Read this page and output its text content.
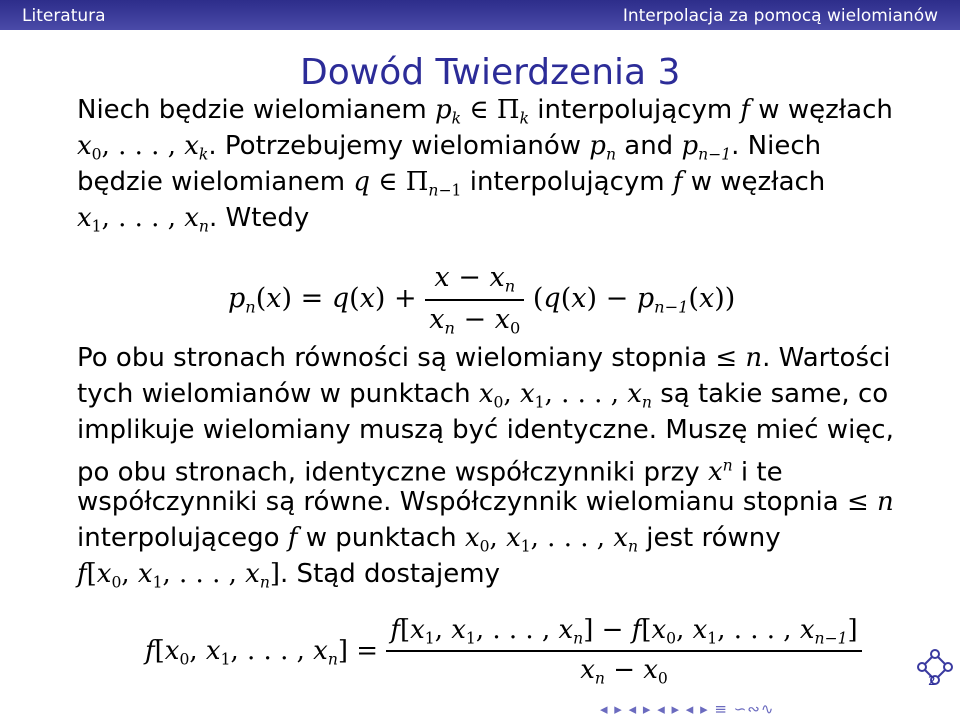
Literatura	Interpolacja za pomocą wielomianów
Dowód Twierdzenia 3
Niech będzie wielomianem $p_k$ ∈ $\Pi_k$ interpolującym f w węzłach
$x_0$, . . . , $x_k$. Potrzebujemy wielomianów $p_n$ and $p_{n-1}$. Niech
będzie wielomianem q ∈ $\Pi_{n-1}$ interpolującym f w węzłach
$x_1$, . . . , $x_n$. Wtedy
$p_n(x) = q(x) + \frac{x - x_n}{x_n - x_0} (q(x) - p_{n-1}(x))$
Po obu stronach równości są wielomiany stopnia ≤ n. Wartości
tych wielomianów w punktach $x_0$, $x_1$, . . . , $x_n$ są takie same, co
implikuje wielomiany muszą być identyczne. Muszę mieć więc,
po obu stronach, identyczne współczynniki przy $x^n$ i te
współczynniki są równe. Współczynnik wielomianu stopnia ≤ n
interpolującego f w punktach $x_0$, $x_1$, . . . , $x_n$ jest równy
$f[x_0$, $x_1$, . . . , $x_n$]. Stąd dostajemy
$f[x_0$, $x_1$, . . . , $x_n] = \frac{f[x_1, x_1, . . . , x_n] - f[x_0, x_1, . . . , x_{n-1}]}{x_n - x_0}$	2
◂ ▸ ◂ ▸ ◂ ▸ ◂ ▸ ≡ ∽∾∿
